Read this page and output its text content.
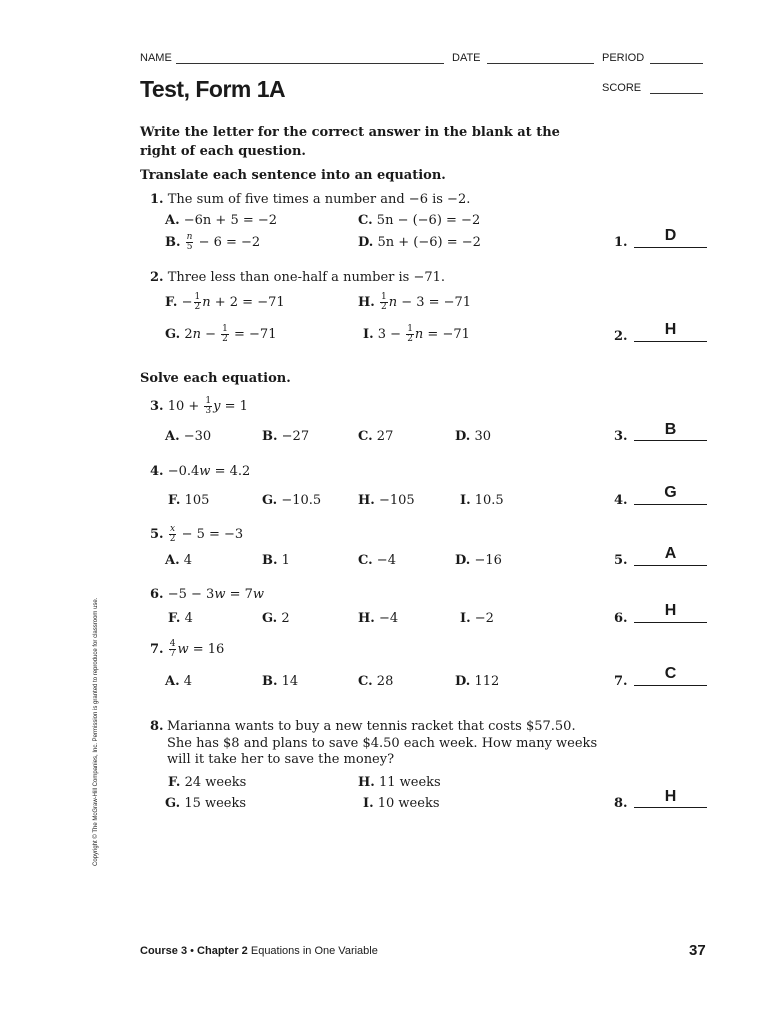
NAME	DATE	PERIOD
SCORE
Test, Form 1A
Write the letter for the correct answer in the blank at the
right of each question.
Translate each sentence into an equation.
1. The sum of five times a number and −6 is −2.
A. −6n + 5 = −2	C. 5n − (−6) = −2
B. $\frac{n}{5} - 6 = -2$	D. 5n + (−6) = −2	1.	D
2. Three less than one-half a number is −71.
F. − $\frac{1}{2}$ n + 2 = −71	H. $\frac{1}{2}$ n − 3 = −71
G. $2n - \frac{1}{2} = -71$	I. $3 - \frac{1}{2}$ n = −71	2.	H
Solve each equation.
3. $10 + \frac{1}{3}$ y = 1
A. −30	B. −27	C. 27	D. 30	3.	B
4. −0.4w = 4.2
F. 105	G. −10.5	H. −105	I. 10.5	4.	G
5. $\frac{x}{2} - 5 = -3$
A. 4	B. 1	C. −4	D. −16	5.	A
6. −5 − 3w = 7w
F. 4	G. 2	H. −4	I. −2	6.	H
7. $\frac{4}{7}$ w = 16
A. 4	B. 14	C. 28	D. 112	7.	C
8. Marianna wants to buy a new tennis racket that costs $57.50.
She has $8 and plans to save $4.50 each week. How many weeks
will it take her to save the money?
F. 24 weeks	H. 11 weeks
G. 15 weeks	I. 10 weeks	8.	H
Copyright © The McGraw-Hill Companies, Inc. Permission is granted to reproduce for classroom use.
Course 3 • Chapter 2 Equations in One Variable	37
